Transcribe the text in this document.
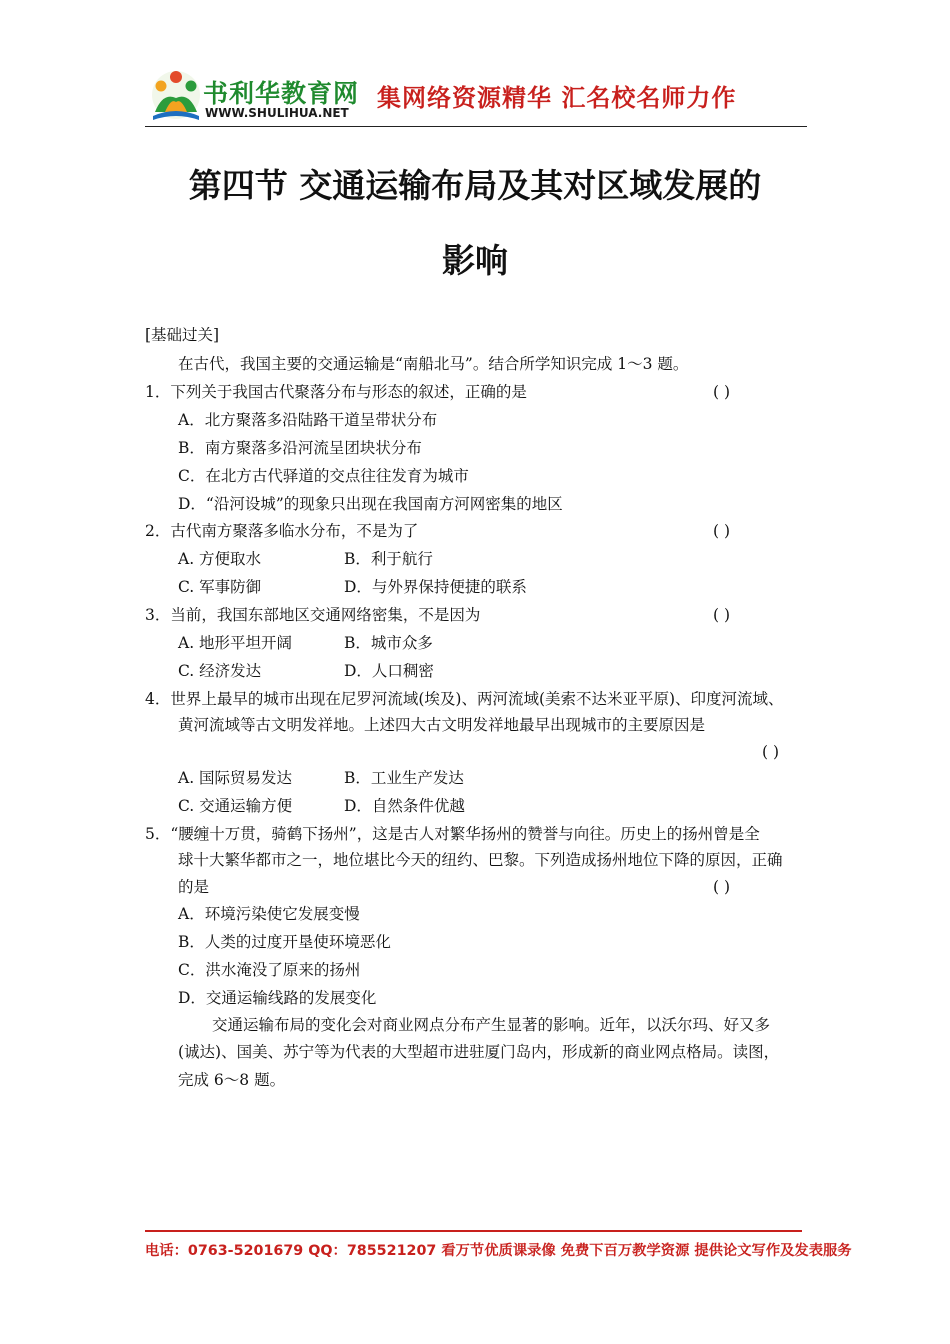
书利华教育网
WWW.SHULIHUA.NET
集网络资源精华 汇名校名师力作
第四节 交通运输布局及其对区域发展的
影响
[基础过关]
在古代，我国主要的交通运输是“南船北马”。结合所学知识完成 1～3 题。
1．下列关于我国古代聚落分布与形态的叙述，正确的是	( )
A．北方聚落多沿陆路干道呈带状分布
B．南方聚落多沿河流呈团块状分布
C．在北方古代驿道的交点往往发育为城市
D．“沿河设城”的现象只出现在我国南方河网密集的地区
2．古代南方聚落多临水分布，不是为了	( )
A. 方便取水	B．利于航行
C. 军事防御	D．与外界保持便捷的联系
3．当前，我国东部地区交通网络密集，不是因为	( )
A. 地形平坦开阔	B．城市众多
C. 经济发达	D．人口稠密
4．世界上最早的城市出现在尼罗河流域(埃及)、两河流域(美索不达米亚平原)、印度河流域、
黄河流域等古文明发祥地。上述四大古文明发祥地最早出现城市的主要原因是
( )
A. 国际贸易发达	B．工业生产发达
C. 交通运输方便	D．自然条件优越
5．“腰缠十万贯，骑鹤下扬州”，这是古人对繁华扬州的赞誉与向往。历史上的扬州曾是全
球十大繁华都市之一，地位堪比今天的纽约、巴黎。下列造成扬州地位下降的原因，正确
的是	( )
A．环境污染使它发展变慢
B．人类的过度开垦使环境恶化
C．洪水淹没了原来的扬州
D．交通运输线路的发展变化
交通运输布局的变化会对商业网点分布产生显著的影响。近年，以沃尔玛、好又多
(诚达)、国美、苏宁等为代表的大型超市进驻厦门岛内，形成新的商业网点格局。读图，
完成 6～8 题。
电话：0763-5201679 QQ：785521207 看万节优质课录像 免费下百万教学资源 提供论文写作及发表服务
